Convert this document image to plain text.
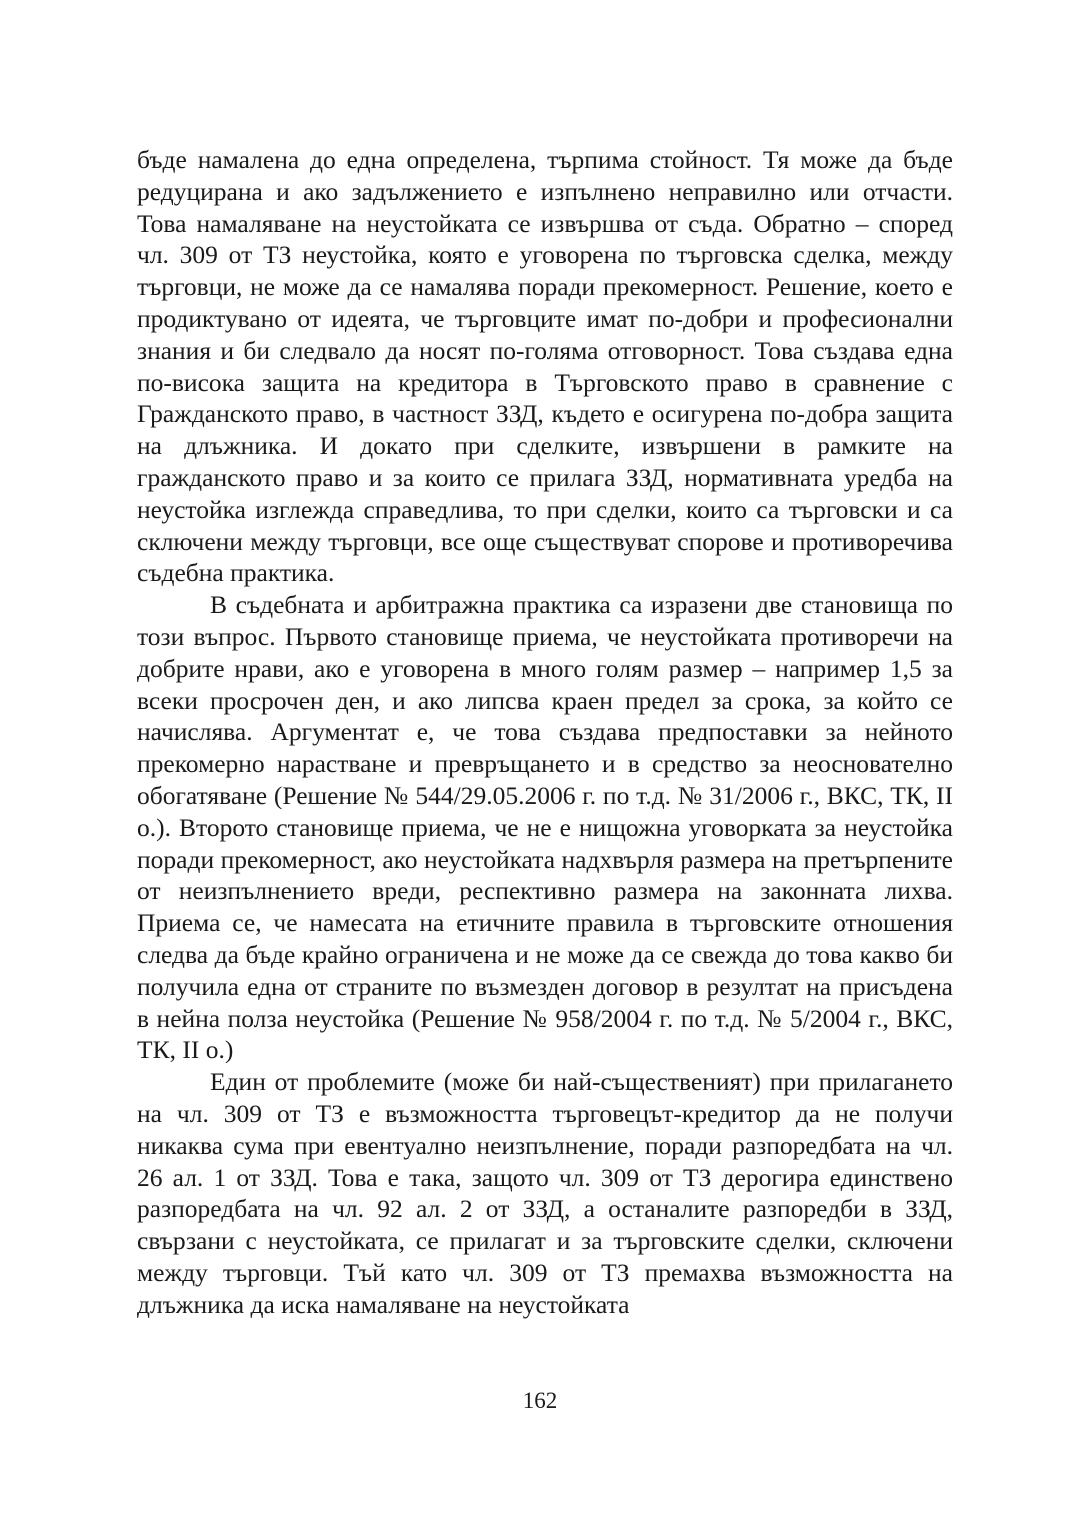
бъде намалена до една определена, търпима стойност. Тя може да бъде редуцирана и ако задължението е изпълнено неправилно или отчасти. Това намаляване на неустойката се извършва от съда. Обратно – според чл. 309 от ТЗ неустойка, която е уговорена по търговска сделка, между търговци, не може да се намалява поради прекомерност. Решение, което е продиктувано от идеята, че търговците имат по-добри и професионални знания и би следвало да носят по-голяма отговорност. Това създава една по-висока защита на кредитора в Търговското право в сравнение с Гражданското право, в частност ЗЗД, където е осигурена по-добра защита на длъжника. И докато при сделките, извършени в рамките на гражданското право и за които се прилага ЗЗД, нормативната уредба на неустойка изглежда справедлива, то при сделки, които са търговски и са сключени между търговци, все още съществуват спорове и противоречива съдебна практика.

В съдебната и арбитражна практика са изразени две становища по този въпрос. Първото становище приема, че неустойката противоречи на добрите нрави, ако е уговорена в много голям размер – например 1,5 за всеки просрочен ден, и ако липсва краен предел за срока, за който се начислява. Аргументат е, че това създава предпоставки за нейното прекомерно нарастване и превръщането и в средство за неоснователно обогатяване (Решение № 544/29.05.2006 г. по т.д. № 31/2006 г., ВКС, ТК, II о.). Второто становище приема, че не е нищожна уговорката за неустойка поради прекомерност, ако неустойката надхвърля размера на претърпените от неизпълнението вреди, респективно размера на законната лихва. Приема се, че намесата на етичните правила в търговските отношения следва да бъде крайно ограничена и не може да се свежда до това какво би получила една от страните по възмезден договор в резултат на присъдена в нейна полза неустойка (Решение № 958/2004 г. по т.д. № 5/2004 г., ВКС, ТК, II о.)

Един от проблемите (може би най-същественият) при прилагането на чл. 309 от ТЗ е възможността търговецът-кредитор да не получи никаква сума при евентуално неизпълнение, поради разпоредбата на чл. 26 ал. 1 от ЗЗД. Това е така, защото чл. 309 от ТЗ дерогира единствено разпоредбата на чл. 92 ал. 2 от ЗЗД, а останалите разпоредби в ЗЗД, свързани с неустойката, се прилагат и за търговските сделки, сключени между търговци. Тъй като чл. 309 от ТЗ премахва възможността на длъжника да иска намаляване на неустойката

162
